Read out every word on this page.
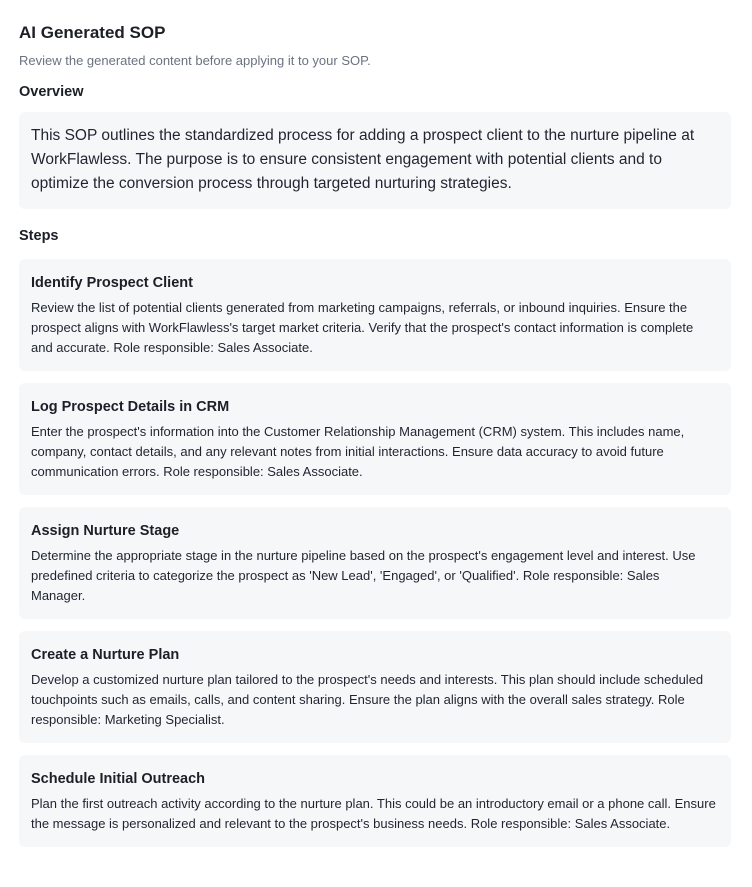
AI Generated SOP
Review the generated content before applying it to your SOP.
Overview
This SOP outlines the standardized process for adding a prospect client to the nurture pipeline at WorkFlawless. The purpose is to ensure consistent engagement with potential clients and to optimize the conversion process through targeted nurturing strategies.
Steps
Identify Prospect Client
Review the list of potential clients generated from marketing campaigns, referrals, or inbound inquiries. Ensure the prospect aligns with WorkFlawless's target market criteria. Verify that the prospect's contact information is complete and accurate. Role responsible: Sales Associate.
Log Prospect Details in CRM
Enter the prospect's information into the Customer Relationship Management (CRM) system. This includes name, company, contact details, and any relevant notes from initial interactions. Ensure data accuracy to avoid future communication errors. Role responsible: Sales Associate.
Assign Nurture Stage
Determine the appropriate stage in the nurture pipeline based on the prospect's engagement level and interest. Use predefined criteria to categorize the prospect as 'New Lead', 'Engaged', or 'Qualified'. Role responsible: Sales Manager.
Create a Nurture Plan
Develop a customized nurture plan tailored to the prospect's needs and interests. This plan should include scheduled touchpoints such as emails, calls, and content sharing. Ensure the plan aligns with the overall sales strategy. Role responsible: Marketing Specialist.
Schedule Initial Outreach
Plan the first outreach activity according to the nurture plan. This could be an introductory email or a phone call. Ensure the message is personalized and relevant to the prospect's business needs. Role responsible: Sales Associate.
